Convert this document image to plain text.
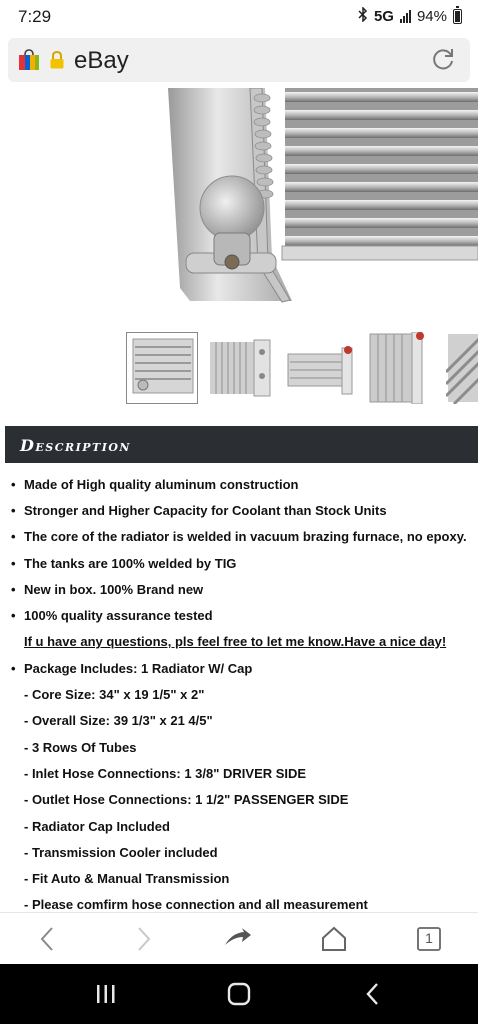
7:29	5G 94%
eBay
Description
• Made of High quality aluminum construction
• Stronger and Higher Capacity for Coolant than Stock Units
• The core of the radiator is welded in vacuum brazing furnace, no epoxy.
• The tanks are 100% welded by TIG
• New in box. 100% Brand new
• 100% quality assurance tested
If u have any questions, pls feel free to let me know.Have a nice day!
• Package Includes: 1 Radiator W/ Cap
- Core Size: 34" x 19 1/5" x 2"
- Overall Size: 39 1/3" x 21 4/5"
- 3 Rows Of Tubes
- Inlet Hose Connections: 1 3/8" DRIVER SIDE
- Outlet Hose Connections: 1 1/2" PASSENGER SIDE
- Radiator Cap Included
- Transmission Cooler included
- Fit Auto & Manual Transmission
- Please comfirm hose connection and all measurement
1
